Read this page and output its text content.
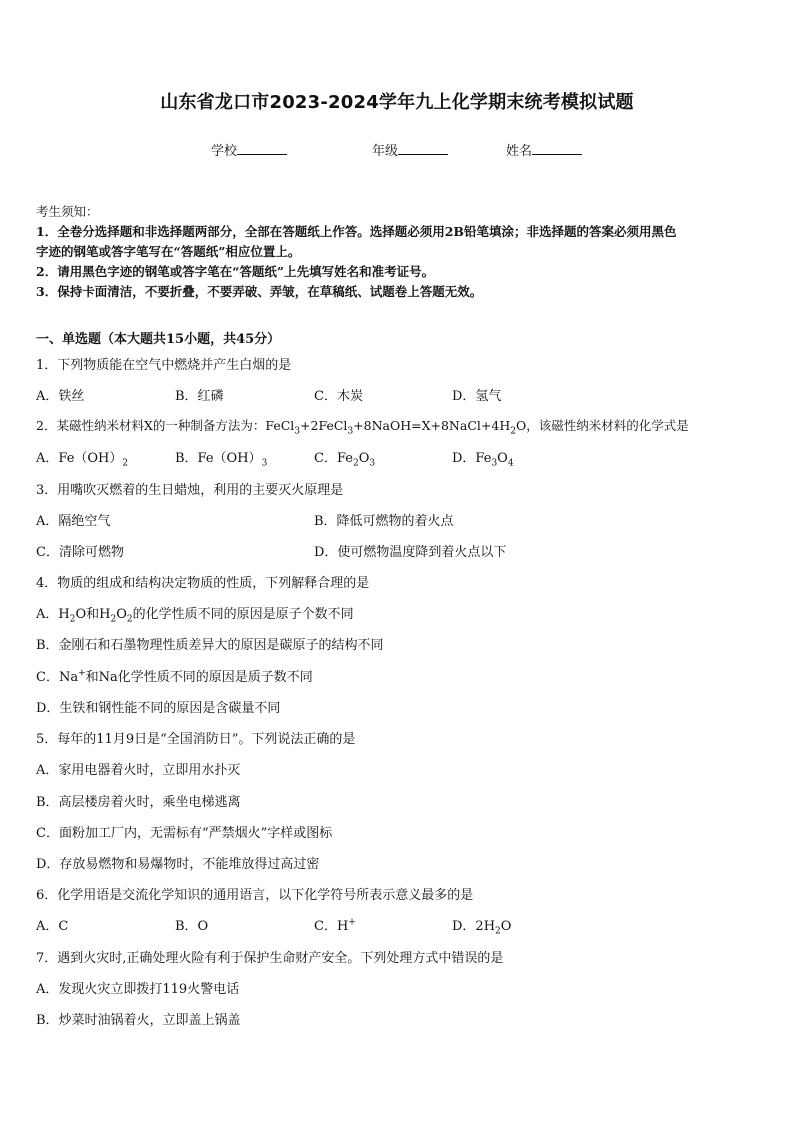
山东省龙口市2023-2024学年九上化学期末统考模拟试题
学校	年级	姓名
考生须知：
1．全卷分选择题和非选择题两部分，全部在答题纸上作答。选择题必须用2B铅笔填涂；非选择题的答案必须用黑色
字迹的钢笔或答字笔写在“答题纸”相应位置上。
2．请用黑色字迹的钢笔或答字笔在“答题纸”上先填写姓名和准考证号。
3．保持卡面清洁，不要折叠，不要弄破、弄皱，在草稿纸、试题卷上答题无效。
一、单选题（本大题共15小题，共45分）
1．下列物质能在空气中燃烧并产生白烟的是
A．铁丝	B．红磷	C．木炭	D．氢气
2．某磁性纳米材料X的一种制备方法为：$FeCl_3+2FeCl_3+8NaOH=X+8NaCl+4H_2O$，该磁性纳米材料的化学式是
A．$Fe(OH)_2$	B．$Fe(OH)_3$	C．$Fe_2O_3$	D．$Fe_3O_4$
3．用嘴吹灭燃着的生日蜡烛，利用的主要灭火原理是
A．隔绝空气	B．降低可燃物的着火点
C．清除可燃物	D．使可燃物温度降到着火点以下
4．物质的组成和结构决定物质的性质，下列解释合理的是
A．$H_2O$和$H_2O_2$的化学性质不同的原因是原子个数不同
B．金刚石和石墨物理性质差异大的原因是碳原子的结构不同
C．Na+和Na化学性质不同的原因是质子数不同
D．生铁和钢性能不同的原因是含碳量不同
5．每年的11月9日是“全国消防日”。下列说法正确的是
A．家用电器着火时，立即用水扑灭
B．高层楼房着火时，乘坐电梯逃离
C．面粉加工厂内，无需标有“严禁烟火”字样或图标
D．存放易燃物和易爆物时，不能堆放得过高过密
6．化学用语是交流化学知识的通用语言，以下化学符号所表示意义最多的是
A．C	B．O	C．H+	D．$2H_2O$
7．遇到火灾时,正确处理火险有利于保护生命财产安全。下列处理方式中错误的是
A．发现火灾立即拨打119火警电话
B．炒菜时油锅着火，立即盖上锅盖
